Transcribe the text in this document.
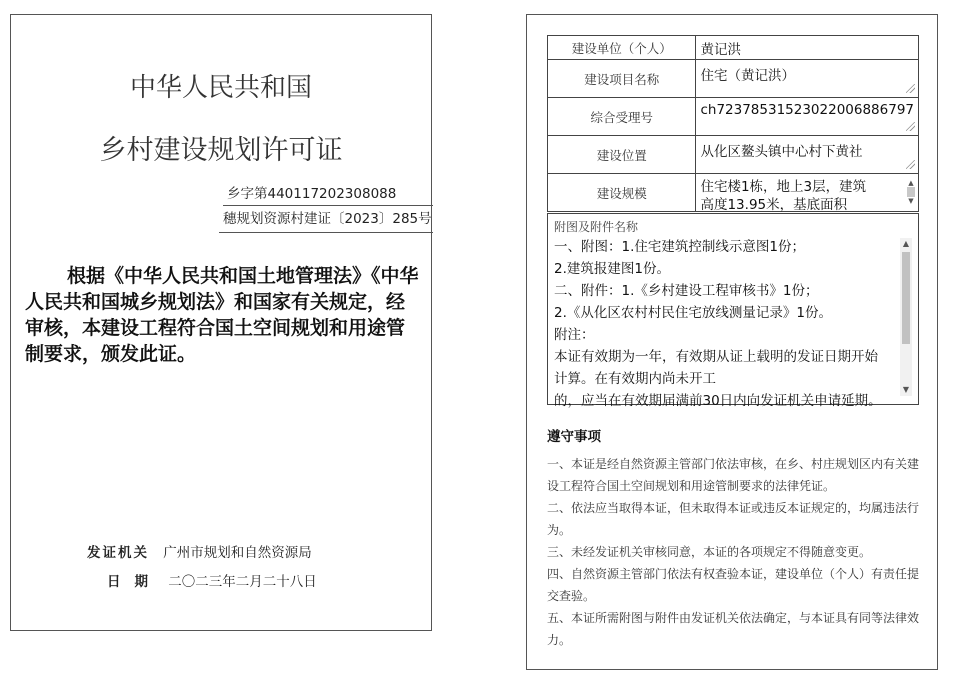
中华人民共和国
乡村建设规划许可证
乡字第440117202308088
穗规划资源村建证〔2023〕285号
根据《中华人民共和国土地管理法》《中华人民共和国城乡规划法》和国家有关规定，经审核，本建设工程符合国土空间规划和用途管制要求，颁发此证。
发证机关 广州市规划和自然资源局
日期 二〇二三年二月二十八日
建设单位（个人）	黄记洪

建设项目名称	住宅（黄记洪）

综合受理号	ch72378531523022006886797

建设位置	从化区鳌头镇中心村下黄社

建设规模	住宅楼1栋，地上3层，建筑
高度13.95米，基底面积
▲
▼
附图及附件名称
一、附图：1.住宅建筑控制线示意图1份；
2.建筑报建图1份。
二、附件：1.《乡村建设工程审核书》1份；
2.《从化区农村村民住宅放线测量记录》1份。
附注：
本证有效期为一年，有效期从证上载明的发证日期开始
计算。在有效期内尚未开工
的，应当在有效期届满前30日内向发证机关申请延期。
▲
▼
遵守事项
一、本证是经自然资源主管部门依法审核，在乡、村庄规划区内有关建设工程符合国土空间规划和用途管制要求的法律凭证。
二、依法应当取得本证，但未取得本证或违反本证规定的，均属违法行为。
三、未经发证机关审核同意，本证的各项规定不得随意变更。
四、自然资源主管部门依法有权查验本证，建设单位（个人）有责任提交查验。
五、本证所需附图与附件由发证机关依法确定，与本证具有同等法律效力。
